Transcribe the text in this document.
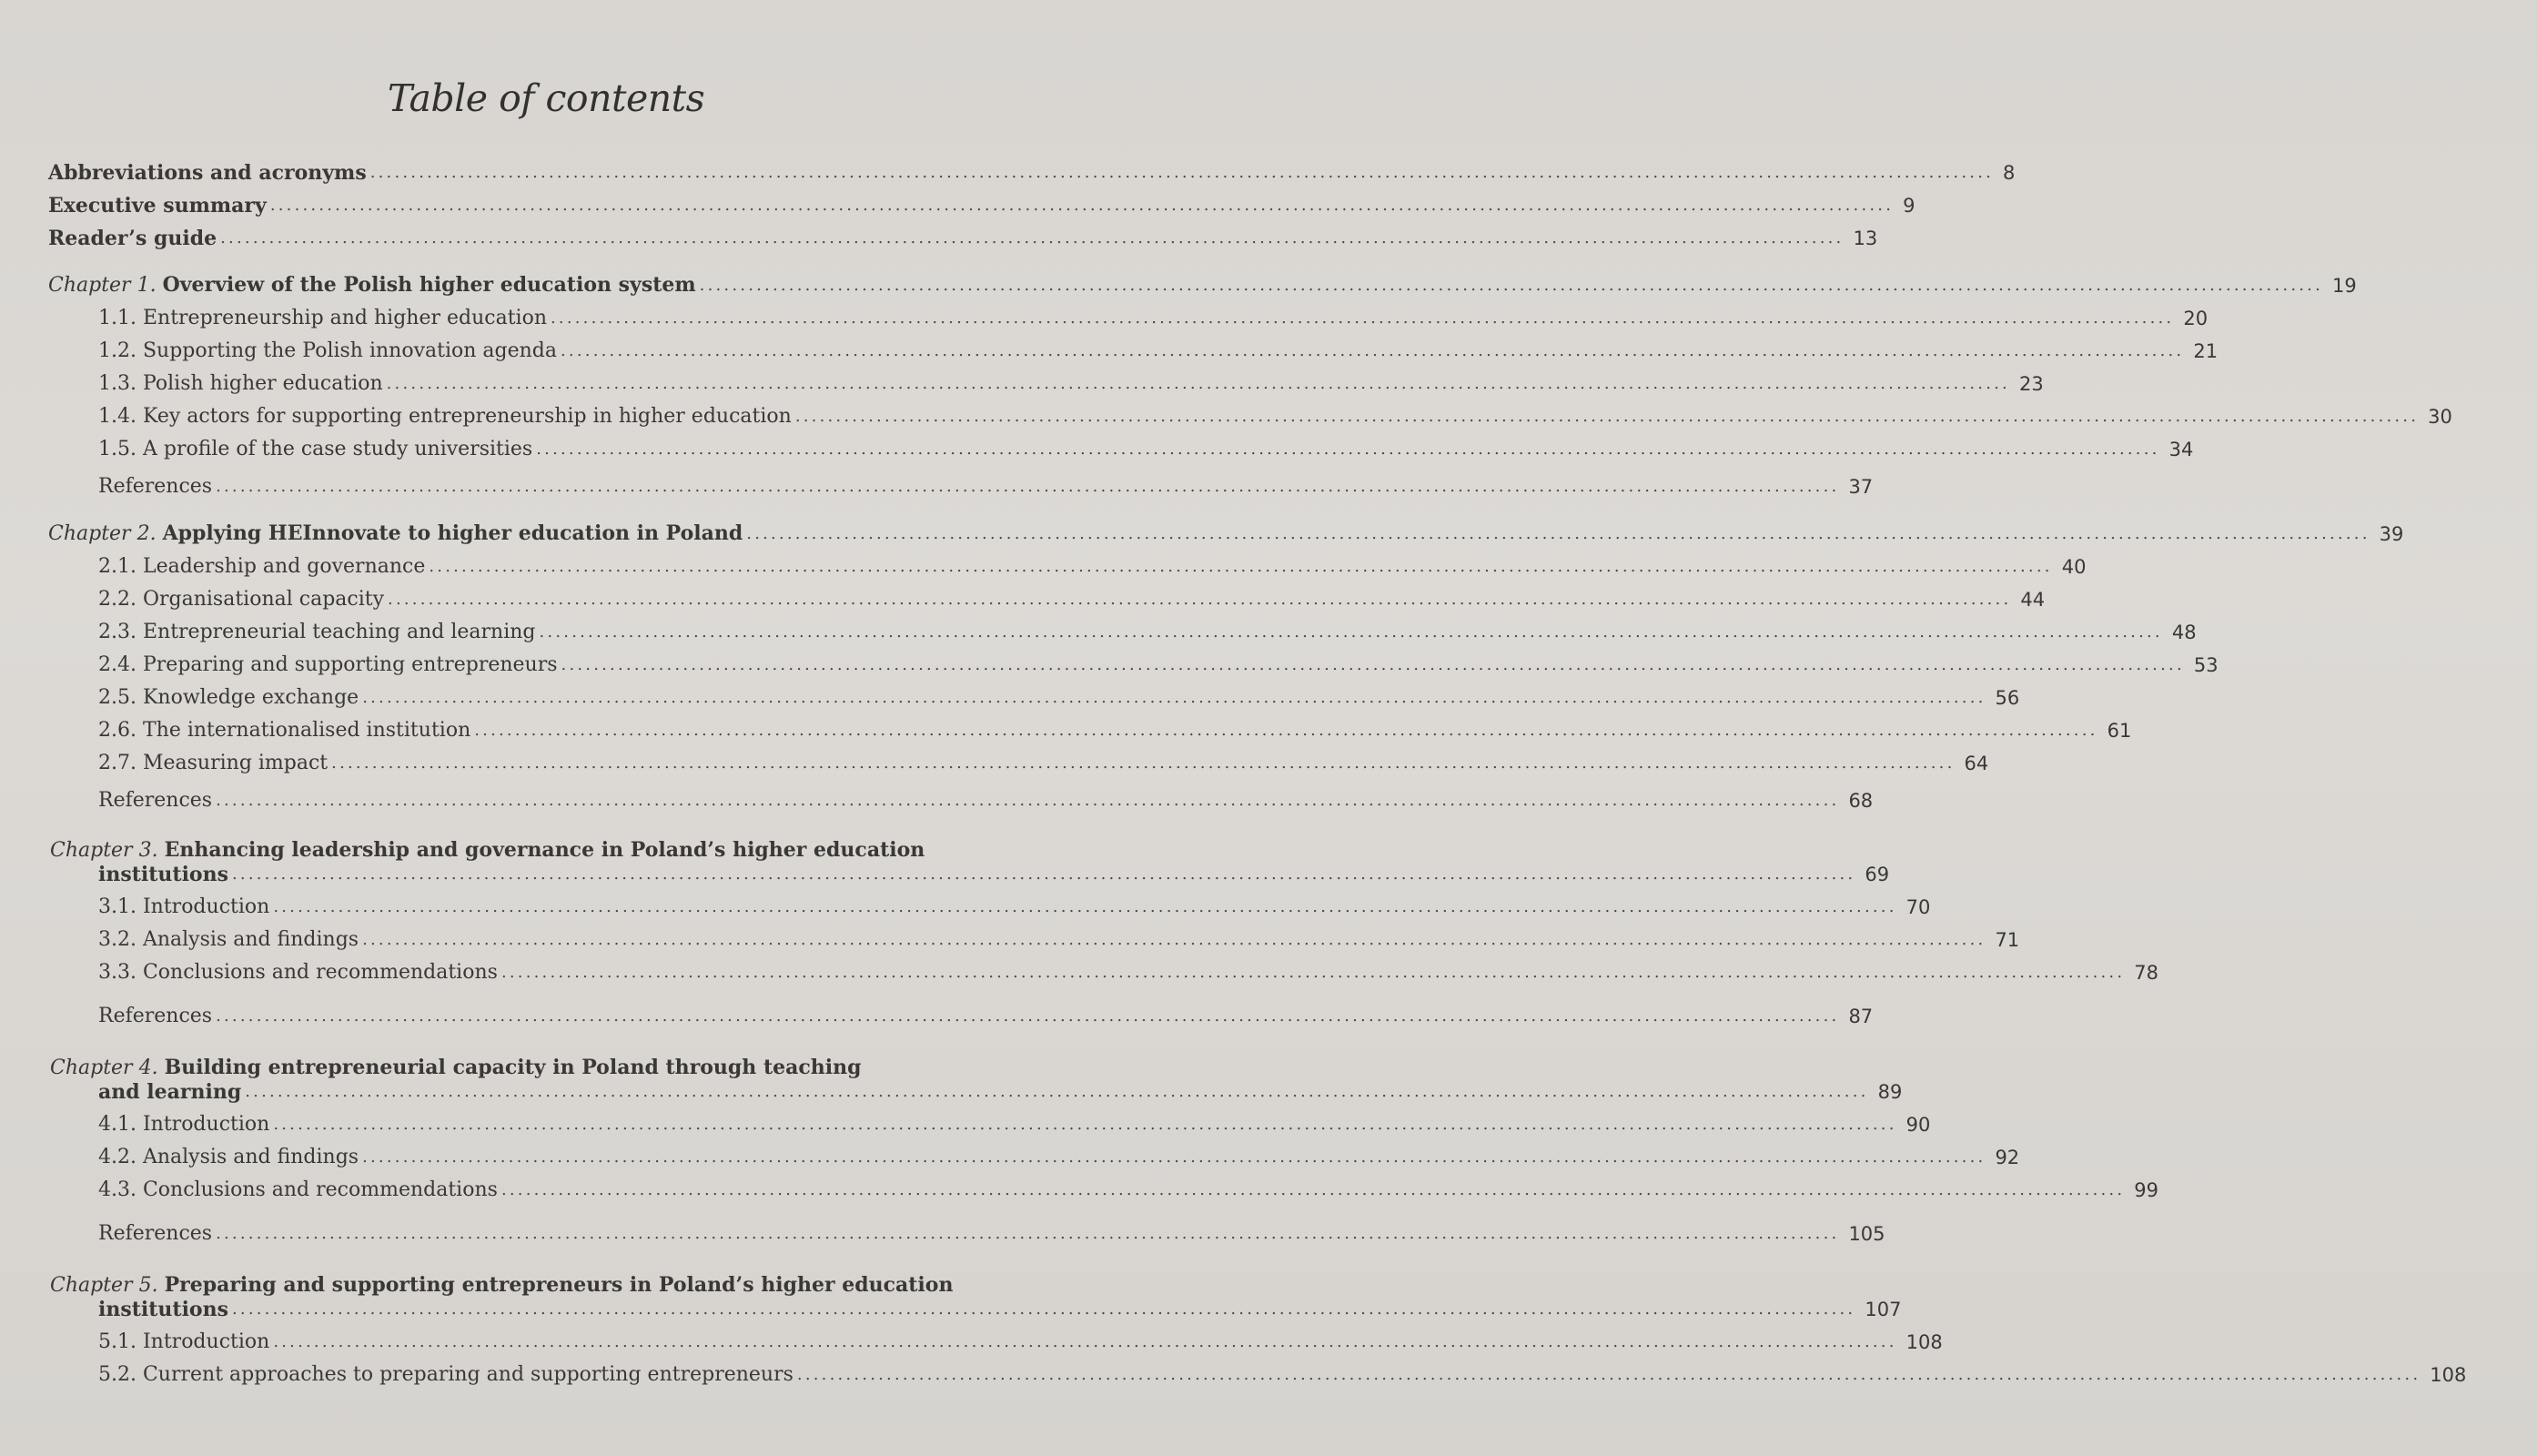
Table of contents
Abbreviations and acronyms ........................................................................................................................................................................................................ 8
Executive summary ........................................................................................................................................................................................................ 9
Reader’s guide ........................................................................................................................................................................................................ 13
Chapter 1. Overview of the Polish higher education system ........................................................................................................................................................................................................ 19
1.1. Entrepreneurship and higher education ........................................................................................................................................................................................................ 20
1.2. Supporting the Polish innovation agenda ........................................................................................................................................................................................................ 21
1.3. Polish higher education ........................................................................................................................................................................................................ 23
1.4. Key actors for supporting entrepreneurship in higher education ........................................................................................................................................................................................................ 30
1.5. A profile of the case study universities ........................................................................................................................................................................................................ 34
References ........................................................................................................................................................................................................ 37
Chapter 2. Applying HEInnovate to higher education in Poland ........................................................................................................................................................................................................ 39
2.1. Leadership and governance ........................................................................................................................................................................................................ 40
2.2. Organisational capacity ........................................................................................................................................................................................................ 44
2.3. Entrepreneurial teaching and learning ........................................................................................................................................................................................................ 48
2.4. Preparing and supporting entrepreneurs ........................................................................................................................................................................................................ 53
2.5. Knowledge exchange ........................................................................................................................................................................................................ 56
2.6. The internationalised institution ........................................................................................................................................................................................................ 61
2.7. Measuring impact ........................................................................................................................................................................................................ 64
References ........................................................................................................................................................................................................ 68
Chapter 3. Enhancing leadership and governance in Poland’s higher education
institutions ........................................................................................................................................................................................................ 69
3.1. Introduction ........................................................................................................................................................................................................ 70
3.2. Analysis and findings ........................................................................................................................................................................................................ 71
3.3. Conclusions and recommendations ........................................................................................................................................................................................................ 78
References ........................................................................................................................................................................................................ 87
Chapter 4. Building entrepreneurial capacity in Poland through teaching
and learning ........................................................................................................................................................................................................ 89
4.1. Introduction ........................................................................................................................................................................................................ 90
4.2. Analysis and findings ........................................................................................................................................................................................................ 92
4.3. Conclusions and recommendations ........................................................................................................................................................................................................ 99
References ........................................................................................................................................................................................................ 105
Chapter 5. Preparing and supporting entrepreneurs in Poland’s higher education
institutions ........................................................................................................................................................................................................ 107
5.1. Introduction ........................................................................................................................................................................................................ 108
5.2. Current approaches to preparing and supporting entrepreneurs ........................................................................................................................................................................................................ 108
